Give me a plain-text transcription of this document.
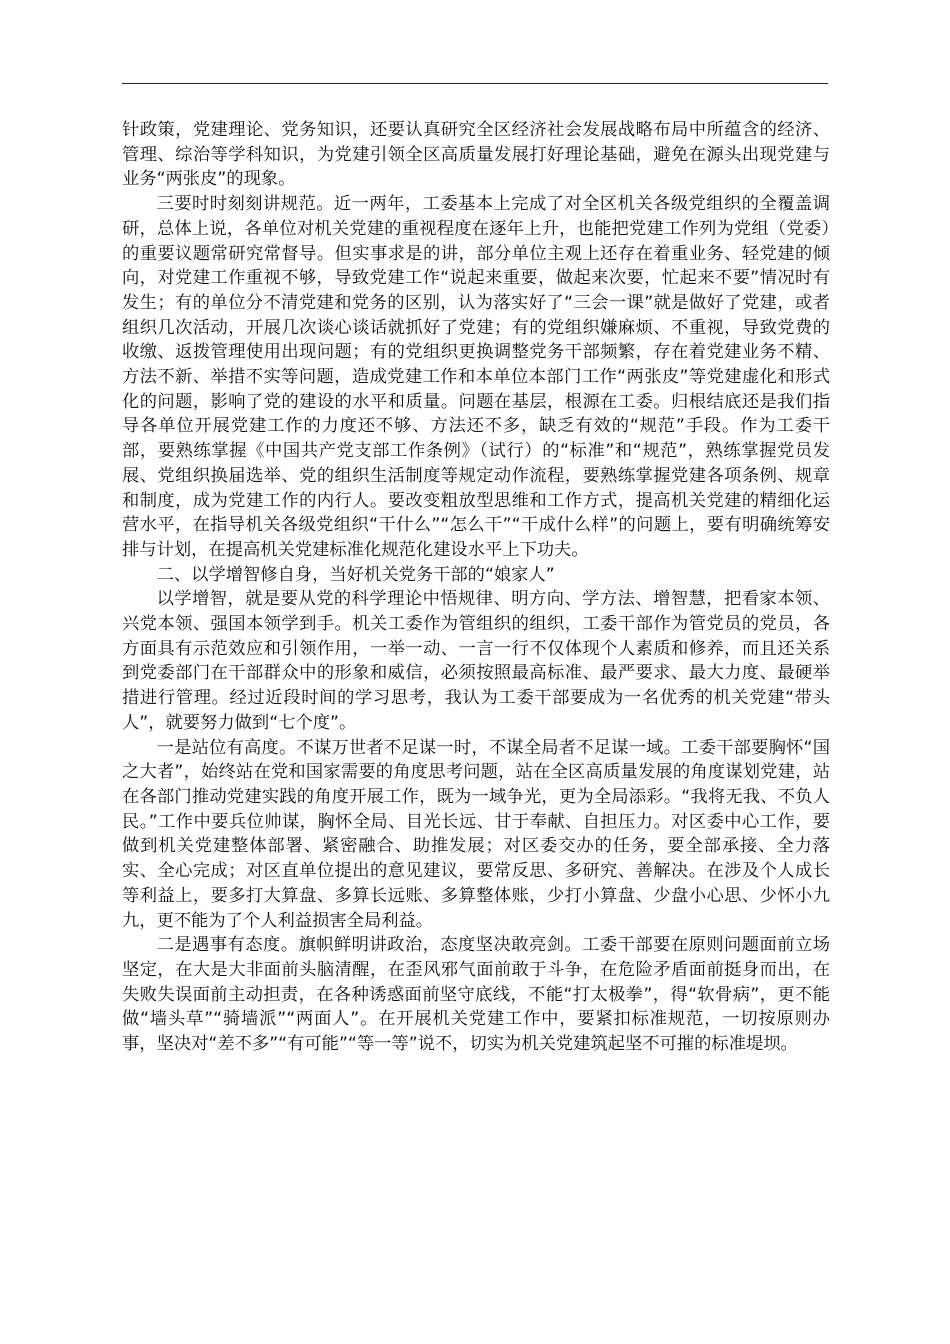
针政策，党建理论、党务知识，还要认真研究全区经济社会发展战略布局中所蕴含的经济、管理、综治等学科知识，为党建引领全区高质量发展打好理论基础，避免在源头出现党建与业务“两张皮”的现象。

三要时时刻刻讲规范。近一两年，工委基本上完成了对全区机关各级党组织的全覆盖调研，总体上说，各单位对机关党建的重视程度在逐年上升，也能把党建工作列为党组（党委）的重要议题常研究常督导。但实事求是的讲，部分单位主观上还存在着重业务、轻党建的倾向，对党建工作重视不够，导致党建工作“说起来重要，做起来次要，忙起来不要”情况时有发生；有的单位分不清党建和党务的区别，认为落实好了“三会一课”就是做好了党建，或者组织几次活动，开展几次谈心谈话就抓好了党建；有的党组织嫌麻烦、不重视，导致党费的收缴、返拨管理使用出现问题；有的党组织更换调整党务干部频繁，存在着党建业务不精、方法不新、举措不实等问题，造成党建工作和本单位本部门工作“两张皮”等党建虚化和形式化的问题，影响了党的建设的水平和质量。问题在基层，根源在工委。归根结底还是我们指导各单位开展党建工作的力度还不够、方法还不多，缺乏有效的“规范”手段。作为工委干部，要熟练掌握《中国共产党支部工作条例》（试行）的“标准”和“规范”，熟练掌握党员发展、党组织换届选举、党的组织生活制度等规定动作流程，要熟练掌握党建各项条例、规章和制度，成为党建工作的内行人。要改变粗放型思维和工作方式，提高机关党建的精细化运营水平，在指导机关各级党组织“干什么”“怎么干”“干成什么样”的问题上，要有明确统筹安排与计划，在提高机关党建标准化规范化建设水平上下功夫。

二、以学增智修自身，当好机关党务干部的“娘家人”

以学增智，就是要从党的科学理论中悟规律、明方向、学方法、增智慧，把看家本领、兴党本领、强国本领学到手。机关工委作为管组织的组织，工委干部作为管党员的党员，各方面具有示范效应和引领作用，一举一动、一言一行不仅体现个人素质和修养，而且还关系到党委部门在干部群众中的形象和威信，必须按照最高标准、最严要求、最大力度、最硬举措进行管理。经过近段时间的学习思考，我认为工委干部要成为一名优秀的机关党建“带头人”，就要努力做到“七个度”。

一是站位有高度。不谋万世者不足谋一时，不谋全局者不足谋一域。工委干部要胸怀“国之大者”，始终站在党和国家需要的角度思考问题，站在全区高质量发展的角度谋划党建，站在各部门推动党建实践的角度开展工作，既为一域争光，更为全局添彩。“我将无我、不负人民。”工作中要兵位帅谋，胸怀全局、目光长远、甘于奉献、自担压力。对区委中心工作，要做到机关党建整体部署、紧密融合、助推发展；对区委交办的任务，要全部承接、全力落实、全心完成；对区直单位提出的意见建议，要常反思、多研究、善解决。在涉及个人成长等利益上，要多打大算盘、多算长远账、多算整体账，少打小算盘、少盘小心思、少怀小九九，更不能为了个人利益损害全局利益。

二是遇事有态度。旗帜鲜明讲政治，态度坚决敢亮剑。工委干部要在原则问题面前立场坚定，在大是大非面前头脑清醒，在歪风邪气面前敢于斗争，在危险矛盾面前挺身而出，在失败失误面前主动担责，在各种诱惑面前坚守底线，不能“打太极拳”，得“软骨病”，更不能做“墙头草”“骑墙派”“两面人”。在开展机关党建工作中，要紧扣标准规范，一切按原则办事，坚决对“差不多”“有可能”“等一等”说不，切实为机关党建筑起坚不可摧的标准堤坝。
